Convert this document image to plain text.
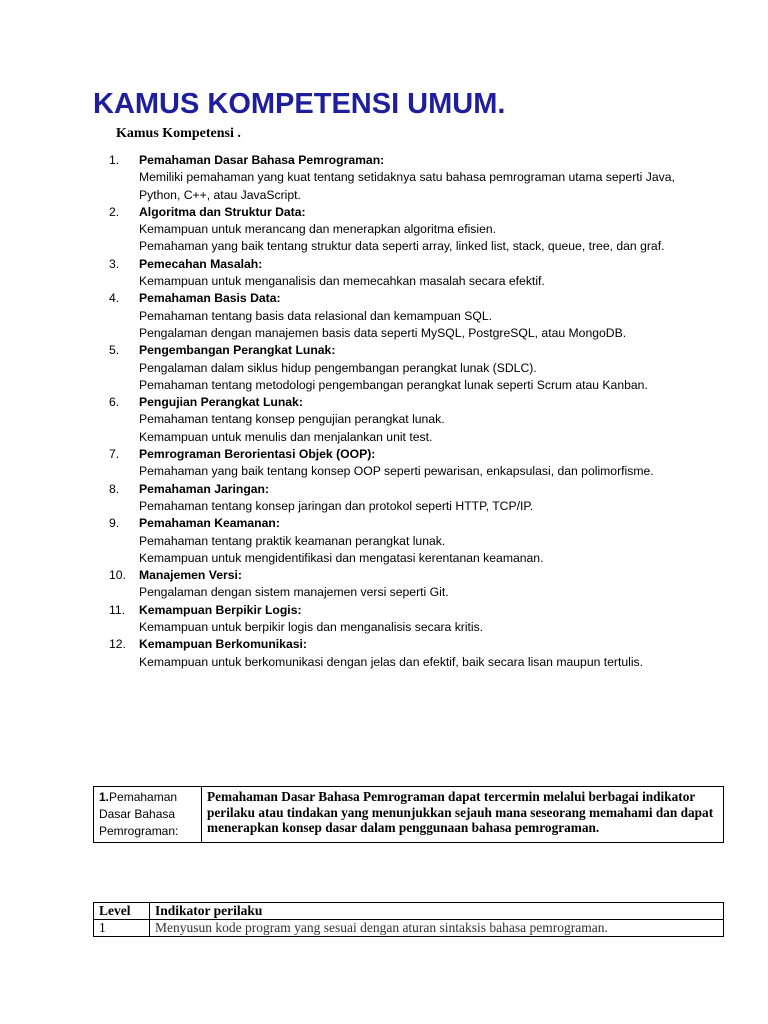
KAMUS KOMPETENSI UMUM.
Kamus Kompetensi .
1.	Pemahaman Dasar Bahasa Pemrograman:
Memiliki pemahaman yang kuat tentang setidaknya satu bahasa pemrograman utama seperti Java, Python, C++, atau JavaScript.
2.	Algoritma dan Struktur Data:
Kemampuan untuk merancang dan menerapkan algoritma efisien.
Pemahaman yang baik tentang struktur data seperti array, linked list, stack, queue, tree, dan graf.
3.	Pemecahan Masalah:
Kemampuan untuk menganalisis dan memecahkan masalah secara efektif.
4.	Pemahaman Basis Data:
Pemahaman tentang basis data relasional dan kemampuan SQL.
Pengalaman dengan manajemen basis data seperti MySQL, PostgreSQL, atau MongoDB.
5.	Pengembangan Perangkat Lunak:
Pengalaman dalam siklus hidup pengembangan perangkat lunak (SDLC).
Pemahaman tentang metodologi pengembangan perangkat lunak seperti Scrum atau Kanban.
6.	Pengujian Perangkat Lunak:
Pemahaman tentang konsep pengujian perangkat lunak.
Kemampuan untuk menulis dan menjalankan unit test.
7.	Pemrograman Berorientasi Objek (OOP):
Pemahaman yang baik tentang konsep OOP seperti pewarisan, enkapsulasi, dan polimorfisme.
8.	Pemahaman Jaringan:
Pemahaman tentang konsep jaringan dan protokol seperti HTTP, TCP/IP.
9.	Pemahaman Keamanan:
Pemahaman tentang praktik keamanan perangkat lunak.
Kemampuan untuk mengidentifikasi dan mengatasi kerentanan keamanan.
10.	Manajemen Versi:
Pengalaman dengan sistem manajemen versi seperti Git.
11.	Kemampuan Berpikir Logis:
Kemampuan untuk berpikir logis dan menganalisis secara kritis.
12.	Kemampuan Berkomunikasi:
Kemampuan untuk berkomunikasi dengan jelas dan efektif, baik secara lisan maupun tertulis.
1.Pemahaman Dasar Bahasa Pemrograman:	Pemahaman Dasar Bahasa Pemrograman dapat tercermin melalui berbagai indikator perilaku atau tindakan yang menunjukkan sejauh mana seseorang memahami dan dapat menerapkan konsep dasar dalam penggunaan bahasa pemrograman.
Level	Indikator perilaku
1	Menyusun kode program yang sesuai dengan aturan sintaksis bahasa pemrograman.
